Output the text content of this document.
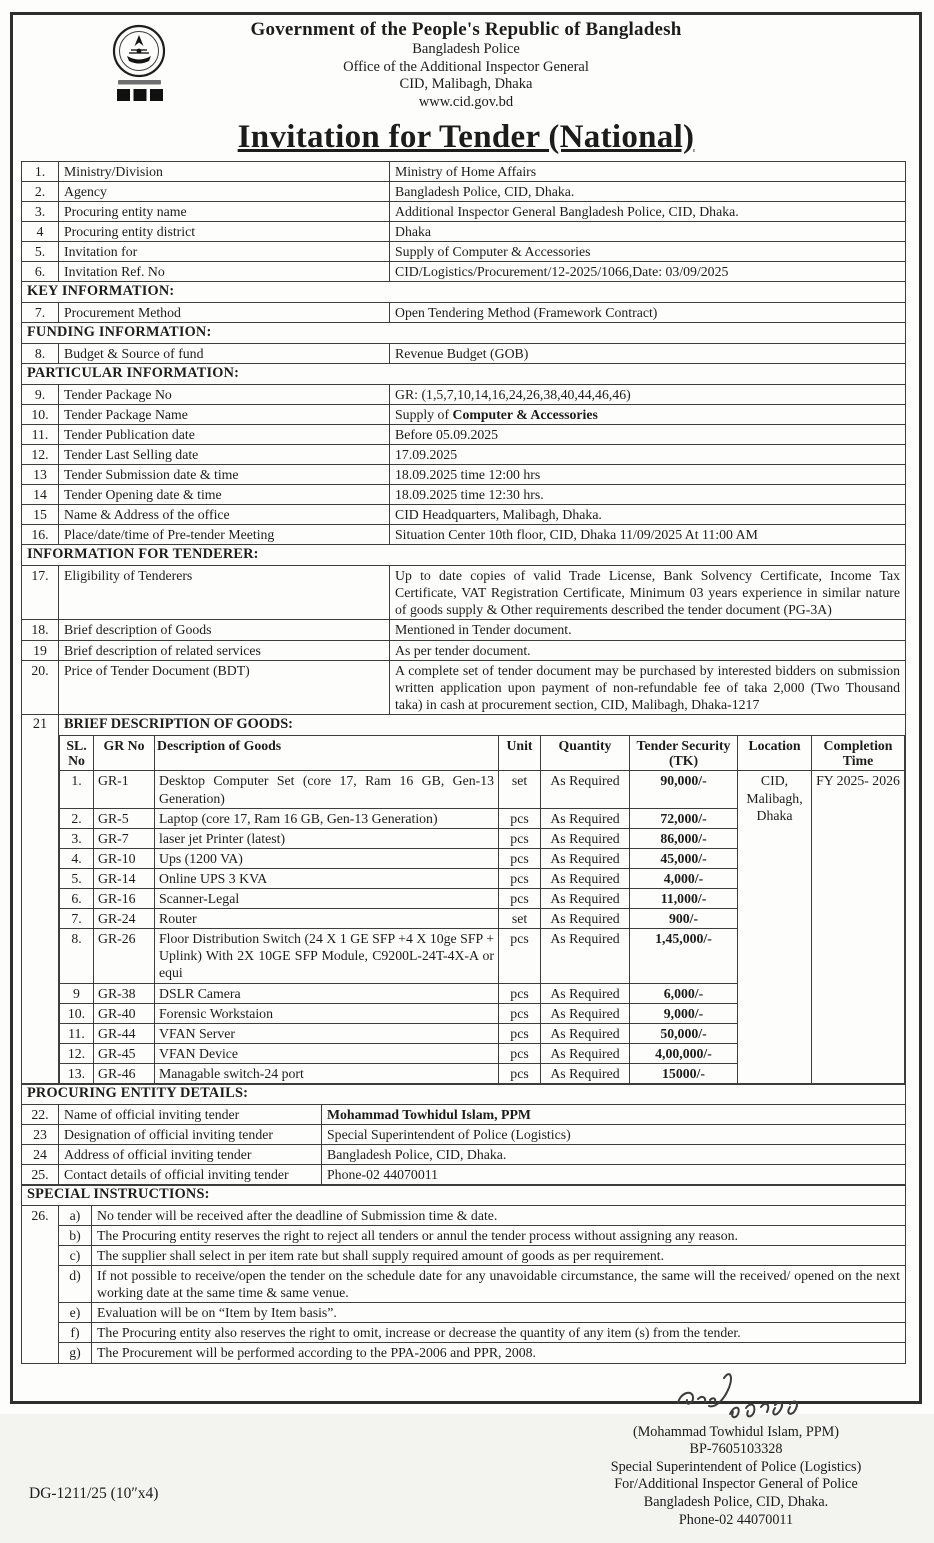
Government of the People's Republic of Bangladesh
Bangladesh Police
Office of the Additional Inspector General
CID, Malibagh, Dhaka
www.cid.gov.bd
Invitation for Tender (National)
1.	Ministry/Division	Ministry of Home Affairs
2.	Agency	Bangladesh Police, CID, Dhaka.
3.	Procuring entity name	Additional Inspector General Bangladesh Police, CID, Dhaka.
4	Procuring entity district	Dhaka
5.	Invitation for	Supply of Computer & Accessories
6.	Invitation Ref. No	CID/Logistics/Procurement/12-2025/1066,Date: 03/09/2025
KEY INFORMATION:
7.	Procurement Method	Open Tendering Method (Framework Contract)
FUNDING INFORMATION:
8.	Budget & Source of fund	Revenue Budget (GOB)
PARTICULAR INFORMATION:
9.	Tender Package No	GR: (1,5,7,10,14,16,24,26,38,40,44,46,46)
10.	Tender Package Name	Supply of Computer & Accessories
11.	Tender Publication date	Before 05.09.2025
12.	Tender Last Selling date	17.09.2025
13	Tender Submission date & time	18.09.2025 time 12:00 hrs
14	Tender Opening date & time	18.09.2025 time 12:30 hrs.
15	Name & Address of the office	CID Headquarters, Malibagh, Dhaka.
16.	Place/date/time of Pre-tender Meeting	Situation Center 10th floor, CID, Dhaka 11/09/2025 At 11:00 AM
INFORMATION FOR TENDERER:
17.	Eligibility of Tenderers	Up to date copies of valid Trade License, Bank Solvency Certificate, Income Tax Certificate, VAT Registration Certificate, Minimum 03 years experience in similar nature of goods supply & Other requirements described the tender document (PG-3A)
18.	Brief description of Goods	Mentioned in Tender document.
19	Brief description of related services	As per tender document.
20.	Price of Tender Document (BDT)	A complete set of tender document may be purchased by interested bidders on submission written application upon payment of non-refundable fee of taka 2,000 (Two Thousand taka) in cash at procurement section, CID, Malibagh, Dhaka-1217
21	BRIEF DESCRIPTION OF GOODS:
SL. No	GR No	Description of Goods	Unit	Quantity	Tender Security (TK)	Location	Completion Time
1.	GR-1	Desktop Computer Set (core 17, Ram 16 GB, Gen-13 Generation)	set	As Required	90,000/-	CID, Malibagh, Dhaka	FY 2025- 2026
2.	GR-5	Laptop (core 17, Ram 16 GB, Gen-13 Generation)	pcs	As Required	72,000/-
3.	GR-7	laser jet Printer (latest)	pcs	As Required	86,000/-
4.	GR-10	Ups (1200 VA)	pcs	As Required	45,000/-
5.	GR-14	Online UPS 3 KVA	pcs	As Required	4,000/-
6.	GR-16	Scanner-Legal	pcs	As Required	11,000/-
7.	GR-24	Router	set	As Required	900/-
8.	GR-26	Floor Distribution Switch (24 X 1 GE SFP +4 X 10ge SFP + Uplink) With 2X 10GE SFP Module, C9200L-24T-4X-A or equi	pcs	As Required	1,45,000/-
9	GR-38	DSLR Camera	pcs	As Required	6,000/-
10.	GR-40	Forensic Workstaion	pcs	As Required	9,000/-
11.	GR-44	VFAN Server	pcs	As Required	50,000/-
12.	GR-45	VFAN Device	pcs	As Required	4,00,000/-
13.	GR-46	Managable switch-24 port	pcs	As Required	15000/-
PROCURING ENTITY DETAILS:		
22.	Name of official inviting tender	Mohammad Towhidul Islam, PPM
23	Designation of official inviting tender	Special Superintendent of Police (Logistics)
24	Address of official inviting tender	Bangladesh Police, CID, Dhaka.
25.	Contact details of official inviting tender	Phone-02 44070011
SPECIAL INSTRUCTIONS:		
26.	a)	No tender will be received after the deadline of Submission time & date.
	b)	The Procuring entity reserves the right to reject all tenders or annul the tender process without assigning any reason.
	c)	The supplier shall select in per item rate but shall supply required amount of goods as per requirement.
	d)	If not possible to receive/open the tender on the schedule date for any unavoidable circumstance, the same will the received/ opened on the next working date at the same time & same venue.
	e)	Evaluation will be on “Item by Item basis”.
	f)	The Procuring entity also reserves the right to omit, increase or decrease the quantity of any item (s) from the tender.
	g)	The Procurement will be performed according to the PPA-2006 and PPR, 2008.
DG-1211/25 (10″x4)
(Mohammad Towhidul Islam, PPM)
BP-7605103328
Special Superintendent of Police (Logistics)
For/Additional Inspector General of Police
Bangladesh Police, CID, Dhaka.
Phone-02 44070011
